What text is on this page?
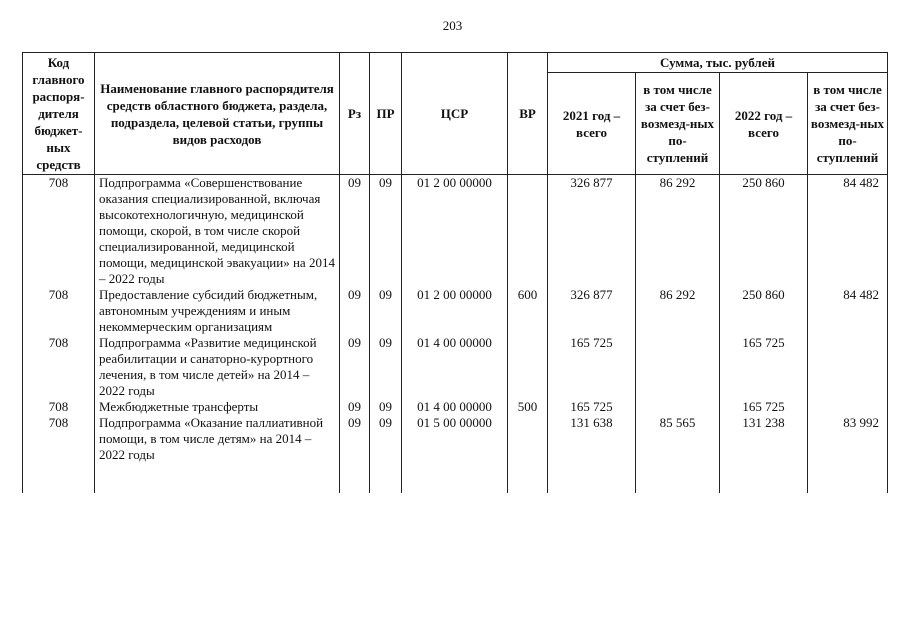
203
Код главного распоря-дителя бюджет-ных средств	Наименование главного распорядителя средств областного бюджета, раздела, подраздела, целевой статьи, группы видов расходов	Рз	ПР	ЦСР	ВР	Сумма, тыс. рублей			
						2021 год – всего	в том числе за счет без-возмезд-ных по-ступлений	2022 год – всего	в том числе за счет без-возмезд-ных по-ступлений
708	Подпрограмма «Совершенствование оказания специализированной, включая высокотехнологичную, медицинской помощи, скорой, в том числе скорой специализированной, медицинской помощи, медицинской эвакуации» на 2014 – 2022 годы	09	09	01 2 00 00000		326 877	86 292	250 860	84 482
708	Предоставление субсидий бюджетным, автономным учреждениям и иным некоммерческим организациям	09	09	01 2 00 00000	600	326 877	86 292	250 860	84 482
708	Подпрограмма «Развитие медицинской реабилитации и санаторно-курортного лечения, в том числе детей» на 2014 – 2022 годы	09	09	01 4 00 00000		165 725		165 725	
708	Межбюджетные трансферты	09	09	01 4 00 00000	500	165 725		165 725	
708	Подпрограмма «Оказание паллиативной помощи, в том числе детям» на 2014 – 2022 годы	09	09	01 5 00 00000		131 638	85 565	131 238	83 992
